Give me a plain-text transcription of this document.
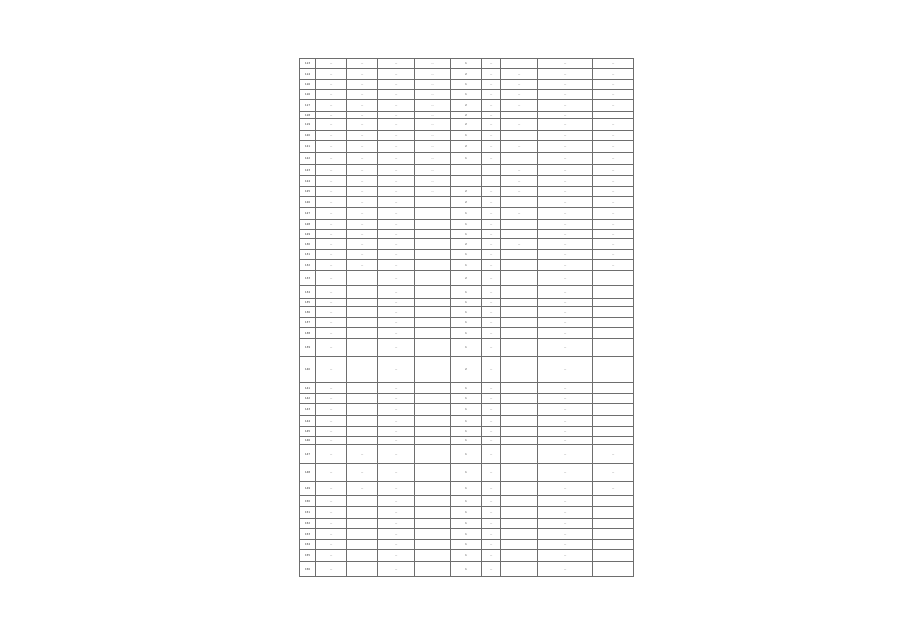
113	…	…	…	…	1	…		…	…
114	…	…	…	…	2	…	…	…	…
116	…	…	…	…	1	…	…	…	…
116	…	…	…	…	1	…	…	…	…
117	…	…	…	…	2	…	…	…	…
118	…	…	…	…	2	…		…	
119	…	…	…	…	2	…	…	…	…
120	…	…	…	…	1	…		…	…
121	…	…	…	…	2	…	…	…	…
122	…	…	…	…	1	…		…	…
123	…	…	…	…			…	…	…
124	…	…	…	…			…	…	…
125	…	…	…	…	2	…	…	…	…
126	…	…	…		2	…		…	…
127	…	…	…		1	…	…	…	…
128	…	…	…		1	…		…	…
129	…	…	…		1	…		…	…
130	…	…	…		2	…	…	…	…
131	…	…	…		1	…		…	…
132	…	…	…		1	…		…	…
133	…		…		2	…		…	
134	…		…		1	…		…	
135	…		…		1	…		…	
136	…		…		1	…		…	
137	…		…		1	…		…	
138	…		…		1	…		…	
139	…		…		1	…		…	
140	…		…		2	…		…	
141	…		…		1	…		…	
142	…		…		1	…		…	
143	…		…		1	…		…	
144	…		…		1	…		…	
145	…		…		1	…		…	
146	…		…		1	…		…	
147	…	…	…		1	…		…	…
148	…	…	…		1	…		…	…
149	…	…	…		1	…		…	…
150	…		…		1	…		…	
151	…		…		1	…		…	
152	…		…		1	…		…	
153	…		…		1	…		…	
154	…		…		1	…		…	
155	…		…		1	…		…	
156	…		…		1	…		…	
